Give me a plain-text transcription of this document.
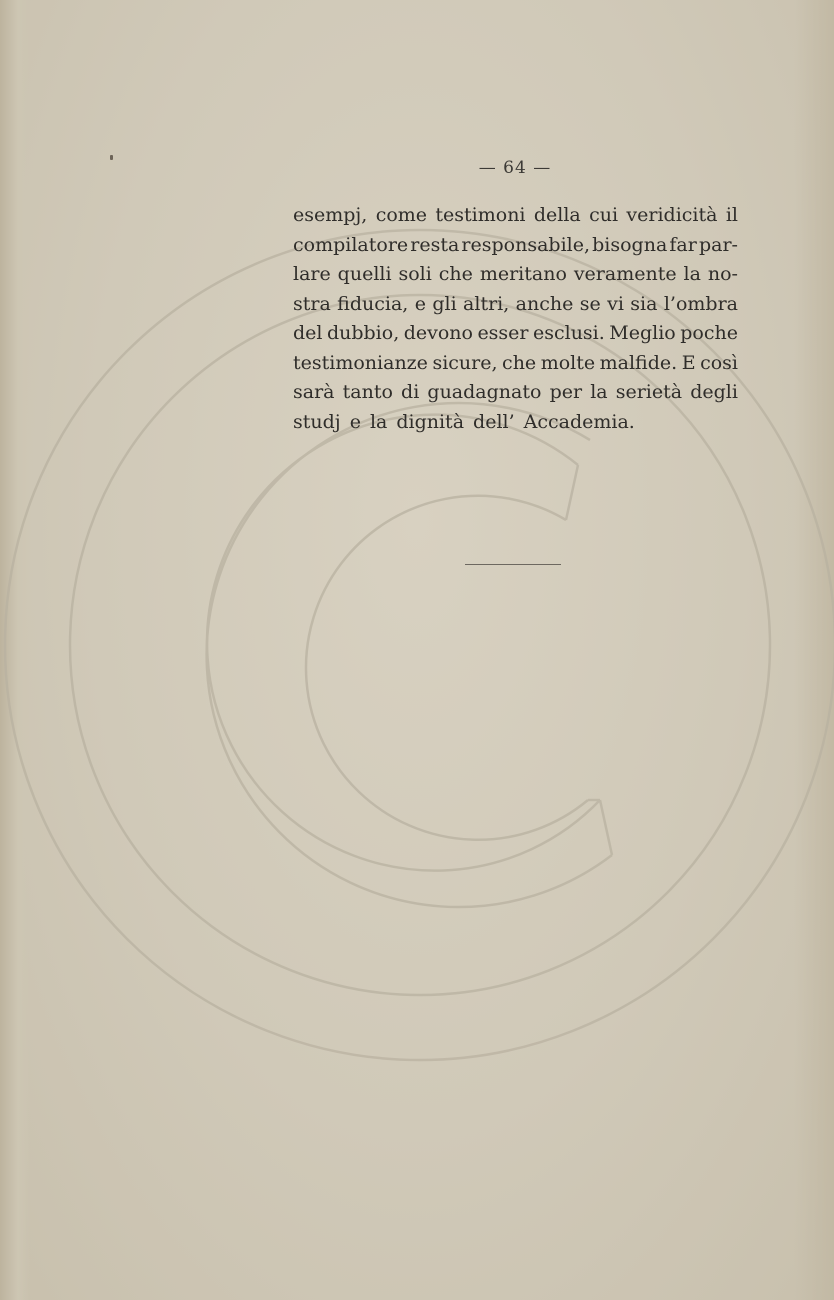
— 64 —
esempj, come testimoni della cui veridicità il
compilatore resta responsabile, bisogna far par-
lare quelli soli che meritano veramente la no-
stra fiducia, e gli altri, anche se vi sia l’ombra
del dubbio, devono esser esclusi. Meglio poche
testimonianze sicure, che molte malfide. E così
sarà tanto di guadagnato per la serietà degli
studj e la dignità dell’ Accademia.
